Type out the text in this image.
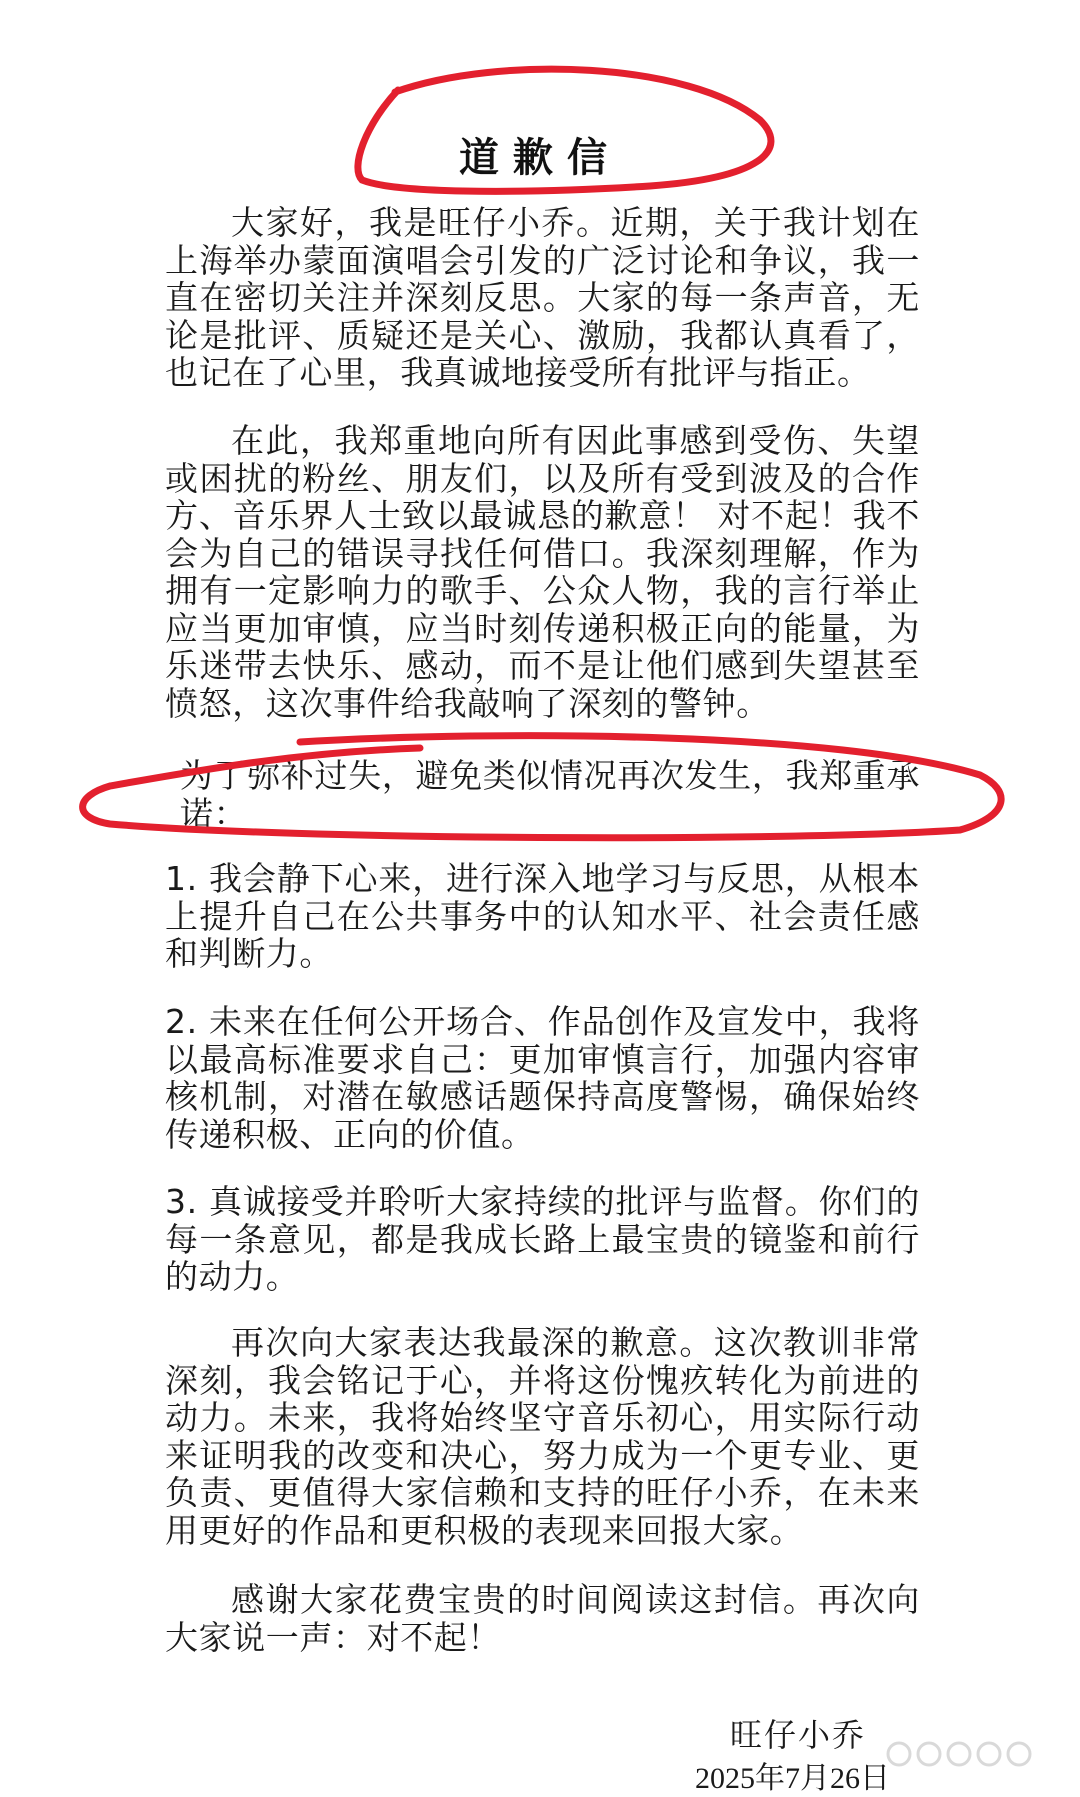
道歉信

大家好，我是旺仔小乔。近期，关于我计划在上海举办蒙面演唱会引发的广泛讨论和争议，我一直在密切关注并深刻反思。大家的每一条声音，无论是批评、质疑还是关心、激励，我都认真看了，也记在了心里，我真诚地接受所有批评与指正。

在此，我郑重地向所有因此事感到受伤、失望或困扰的粉丝、朋友们，以及所有受到波及的合作方、音乐界人士致以最诚恳的歉意！ 对不起！我不会为自己的错误寻找任何借口。我深刻理解，作为拥有一定影响力的歌手、公众人物，我的言行举止应当更加审慎，应当时刻传递积极正向的能量，为乐迷带去快乐、感动，而不是让他们感到失望甚至愤怒，这次事件给我敲响了深刻的警钟。

为了弥补过失，避免类似情况再次发生，我郑重承诺：

1. 我会静下心来，进行深入地学习与反思，从根本上提升自己在公共事务中的认知水平、社会责任感和判断力。

2. 未来在任何公开场合、作品创作及宣发中，我将以最高标准要求自己：更加审慎言行，加强内容审核机制，对潜在敏感话题保持高度警惕，确保始终传递积极、正向的价值。

3. 真诚接受并聆听大家持续的批评与监督。你们的每一条意见，都是我成长路上最宝贵的镜鉴和前行的动力。

再次向大家表达我最深的歉意。这次教训非常深刻，我会铭记于心，并将这份愧疚转化为前进的动力。未来，我将始终坚守音乐初心，用实际行动来证明我的改变和决心，努力成为一个更专业、更负责、更值得大家信赖和支持的旺仔小乔，在未来用更好的作品和更积极的表现来回报大家。

感谢大家花费宝贵的时间阅读这封信。再次向大家说一声：对不起！

旺仔小乔
2025年7月26日
